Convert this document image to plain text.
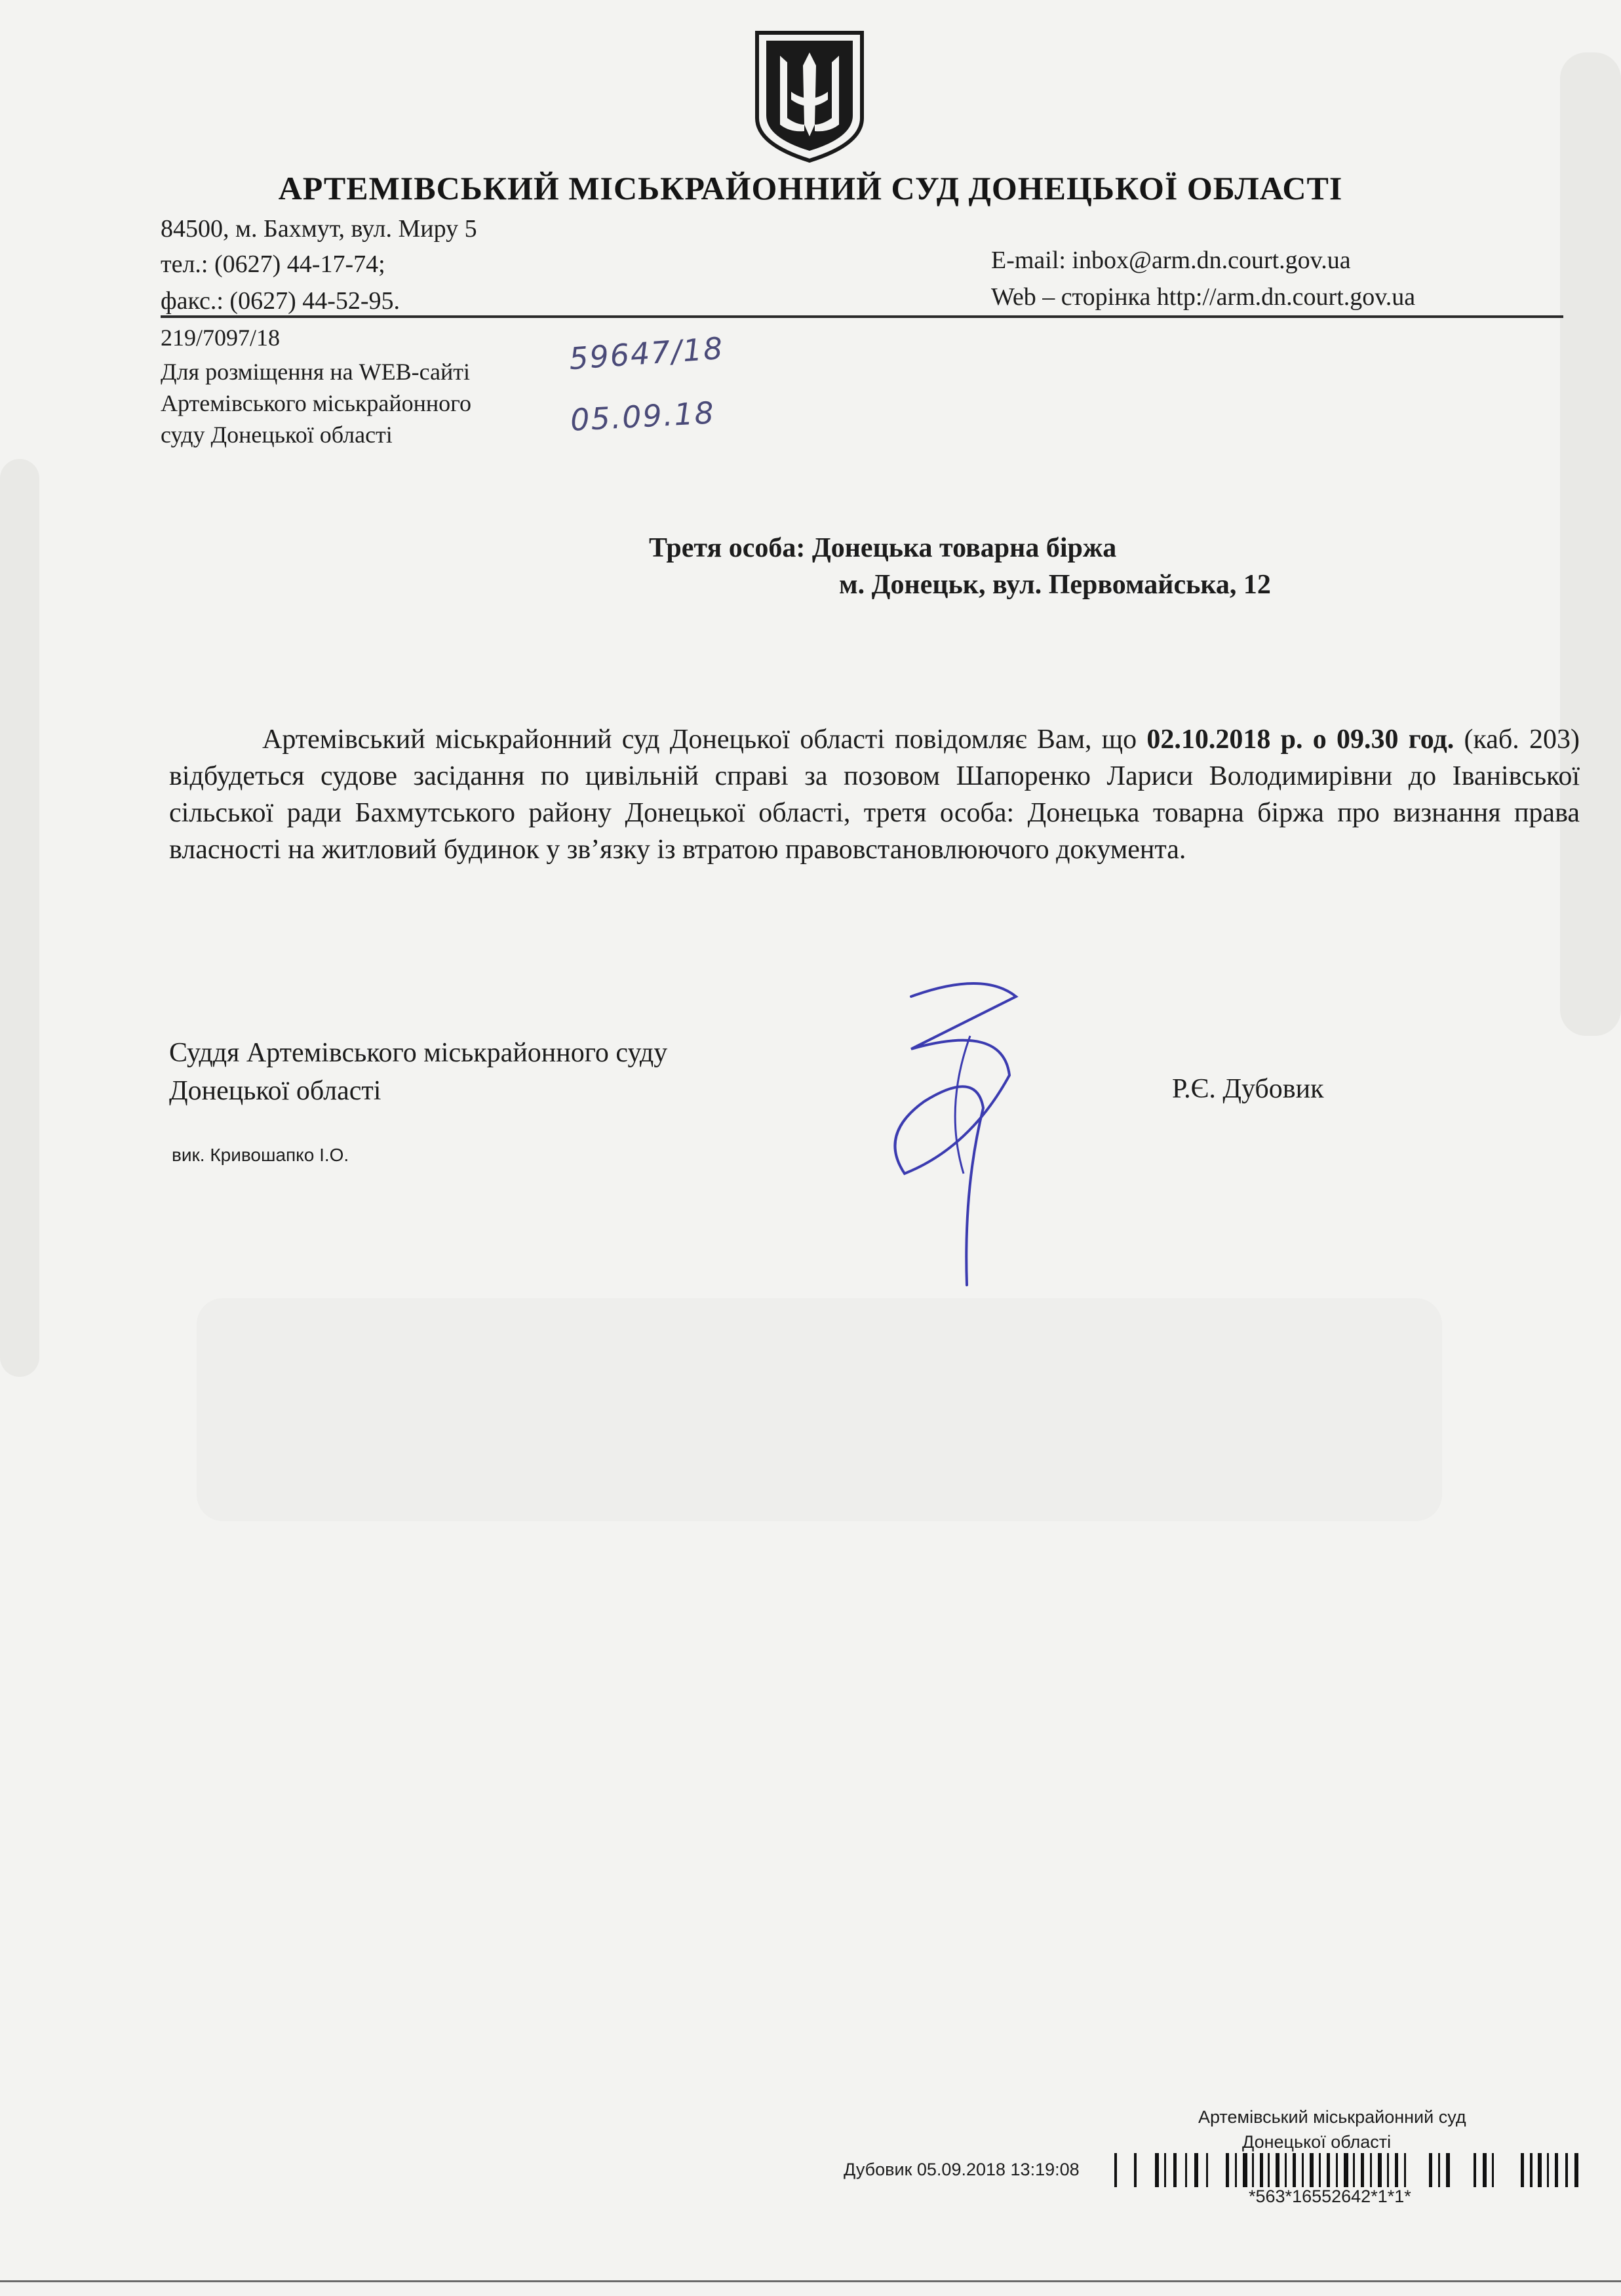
АРТЕМІВСЬКИЙ МІСЬКРАЙОННИЙ СУД ДОНЕЦЬКОЇ ОБЛАСТІ
84500, м. Бахмут, вул. Миру 5
тел.: (0627) 44-17-74;
факс.: (0627) 44-52-95.
E-mail: inbox@arm.dn.court.gov.ua
Web – сторінка http://arm.dn.court.gov.ua
219/7097/18
Для розміщення на WEB-сайті
Артемівського міськрайонного
суду Донецької області
59647/18
05.09.18
Третя особа: Донецька товарна біржа
м. Донецьк, вул. Первомайська, 12
Артемівський міськрайонний суд Донецької області повідомляє Вам, що 02.10.2018 р. о 09.30 год. (каб. 203) відбудеться судове засідання по цивільній справі за позовом Шапоренко Лариси Володимирівни до Іванівської сільської ради Бахмутського району Донецької області, третя особа: Донецька товарна біржа про визнання права власності на житловий будинок у зв’язку із втратою правовстановлюючого документа.
Суддя Артемівського міськрайонного суду
Донецької області	Р.Є. Дубовик
вик. Кривошапко І.О.
Артемівський міськрайонний суд
Донецької області
Дубовик 05.09.2018 13:19:08
*563*16552642*1*1*
